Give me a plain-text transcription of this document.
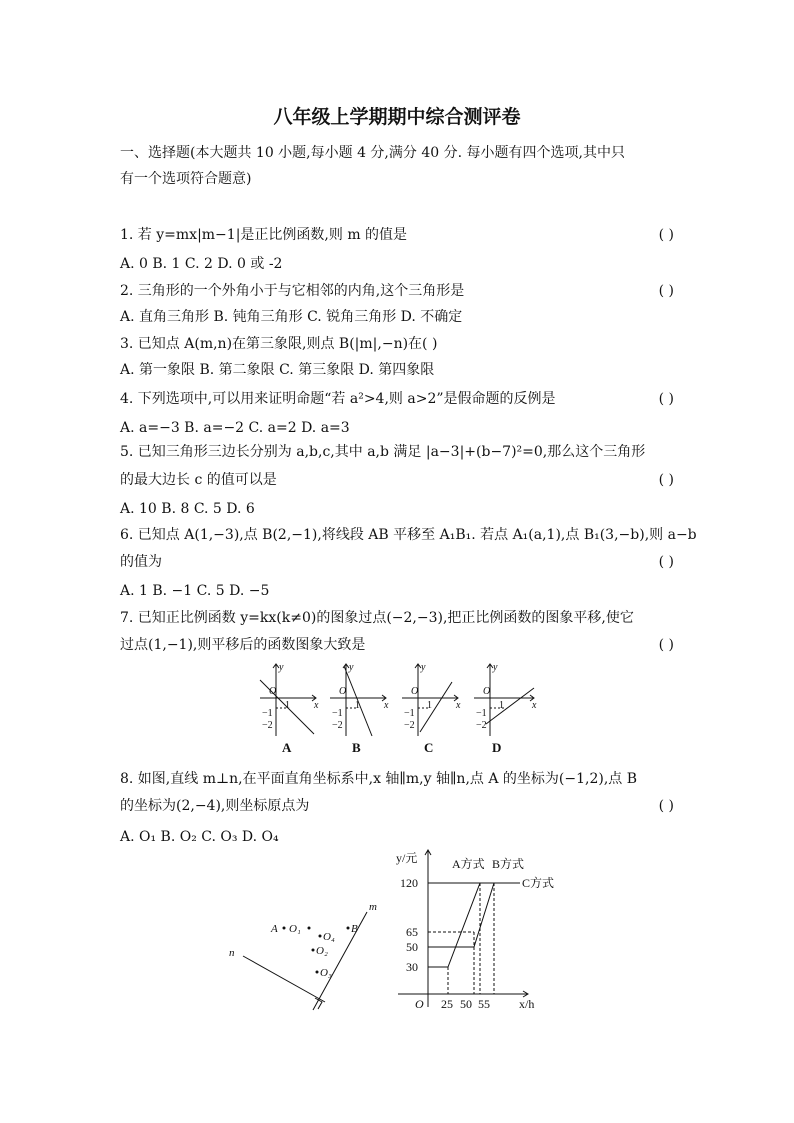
八年级上学期期中综合测评卷
一、选择题(本大题共 10 小题,每小题 4 分,满分 40 分. 每小题有四个选项,其中只
有一个选项符合题意)
1. 若 y=mx|m−1|是正比例函数,则 m 的值是	( )
A. 0 B. 1 C. 2 D. 0 或 -2
2. 三角形的一个外角小于与它相邻的内角,这个三角形是	( )
A. 直角三角形 B. 钝角三角形 C. 锐角三角形 D. 不确定
3. 已知点 A(m,n)在第三象限,则点 B(|m|,−n)在( )
A. 第一象限 B. 第二象限 C. 第三象限 D. 第四象限
4. 下列选项中,可以用来证明命题“若 a²>4,则 a>2”是假命题的反例是	( )
A. a=−3 B. a=−2 C. a=2 D. a=3
5. 已知三角形三边长分别为 a,b,c,其中 a,b 满足 |a−3|+(b−7)²=0,那么这个三角形
的最大边长 c 的值可以是	( )
A. 10 B. 8 C. 5 D. 6
6. 已知点 A(1,−3),点 B(2,−1),将线段 AB 平移至 A₁B₁. 若点 A₁(a,1),点 B₁(3,−b),则 a−b
的值为	( )
A. 1 B. −1 C. 5 D. −5
7. 已知正比例函数 y=kx(k≠0)的图象过点(−2,−3),把正比例函数的图象平移,使它
过点(1,−1),则平移后的函数图象大致是	( )
y
x
y
x
y
x
y
x
O	O	O	O
1
−1
−2
1
−1
−2
1
−1
−2
1
−1
−2
A	B	C	D
8. 如图,直线 m⊥n,在平面直角坐标系中,x 轴∥m,y 轴∥n,点 A 的坐标为(−1,2),点 B
的坐标为(2,−4),则坐标原点为	( )
A. O₁ B. O₂ C. O₃ D. O₄
m
n
A O₁	B
O₄
O₂
O₃
y/元
x/h
O
120
65
50
30
25 50 55
A方式 B方式
C方式
